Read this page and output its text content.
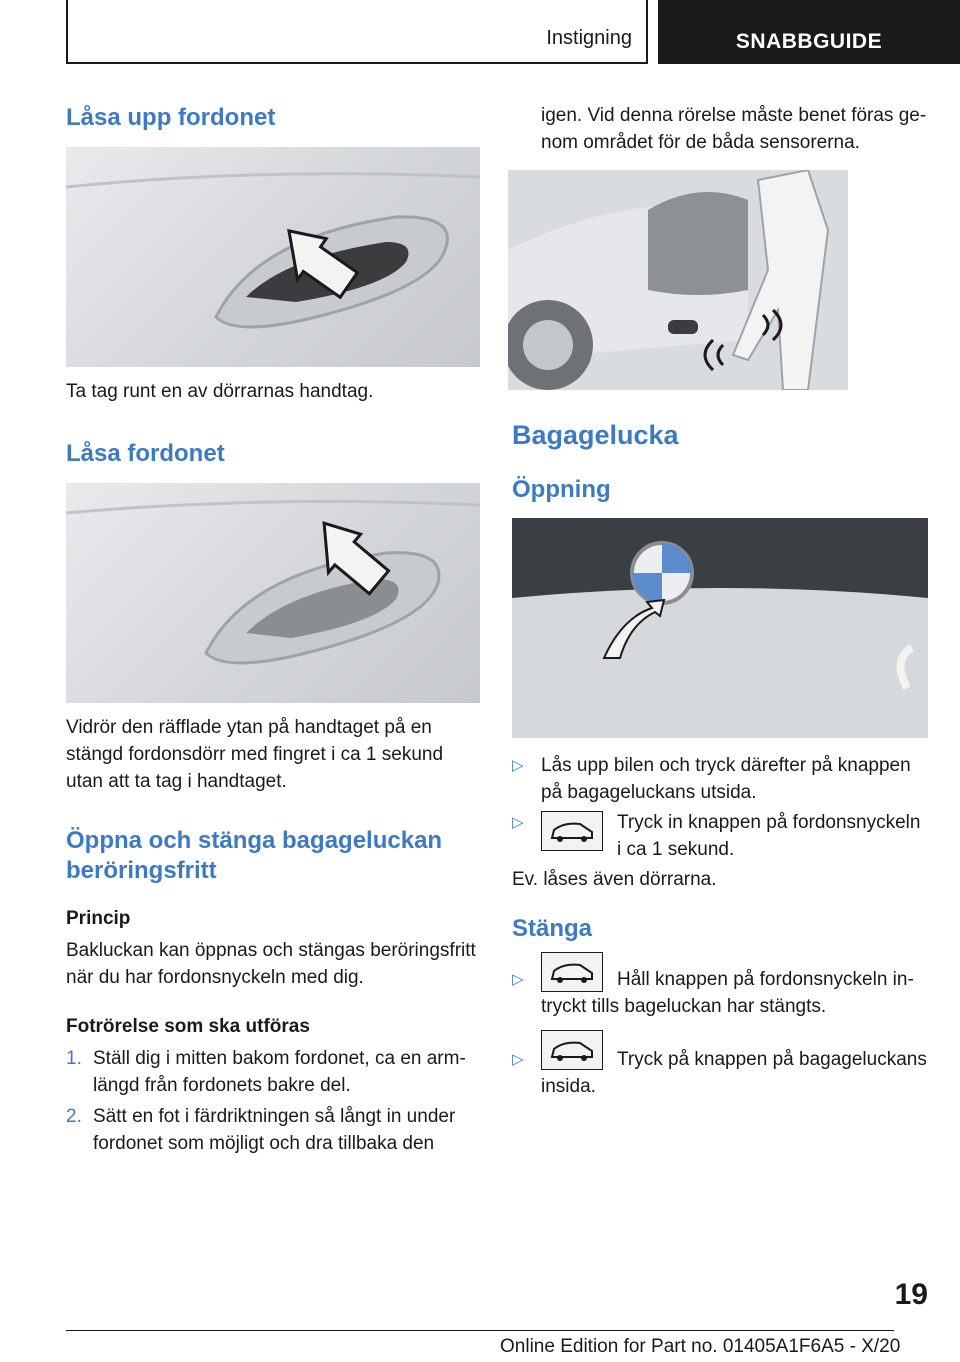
Instigning	SNABBGUIDE
Låsa upp fordonet

Ta tag runt en av dörrarnas handtag.

Låsa fordonet

Vidrör den räfflade ytan på handtaget på en stängd fordonsdörr med fingret i ca 1 sekund utan att ta tag i handtaget.

Öppna och stänga bagageluckan beröringsfritt
Princip

Bakluckan kan öppnas och stängas beröringsfritt när du har fordonsnyckeln med dig.

Fotrörelse som ska utföras
1. Ställ dig i mitten bakom fordonet, ca en arm-längd från fordonets bakre del.
2. Sätt en fot i färdriktningen så långt in under fordonet som möjligt och dra tillbaka den

igen. Vid denna rörelse måste benet föras ge-nom området för de båda sensorerna.

Bagagelucka
Öppning
▷ Lås upp bilen och tryck därefter på knappen på bagageluckans utsida.
▷	Tryck in knappen på fordonsnyckeln i ca 1 sekund.

Ev. låses även dörrarna.

Stänga
▷	Håll knappen på fordonsnyckeln in-tryckt tills bageluckan har stängts.
▷	Tryck på knappen på bagageluckans insida.
19
Online Edition for Part no. 01405A1F6A5 - X/20
